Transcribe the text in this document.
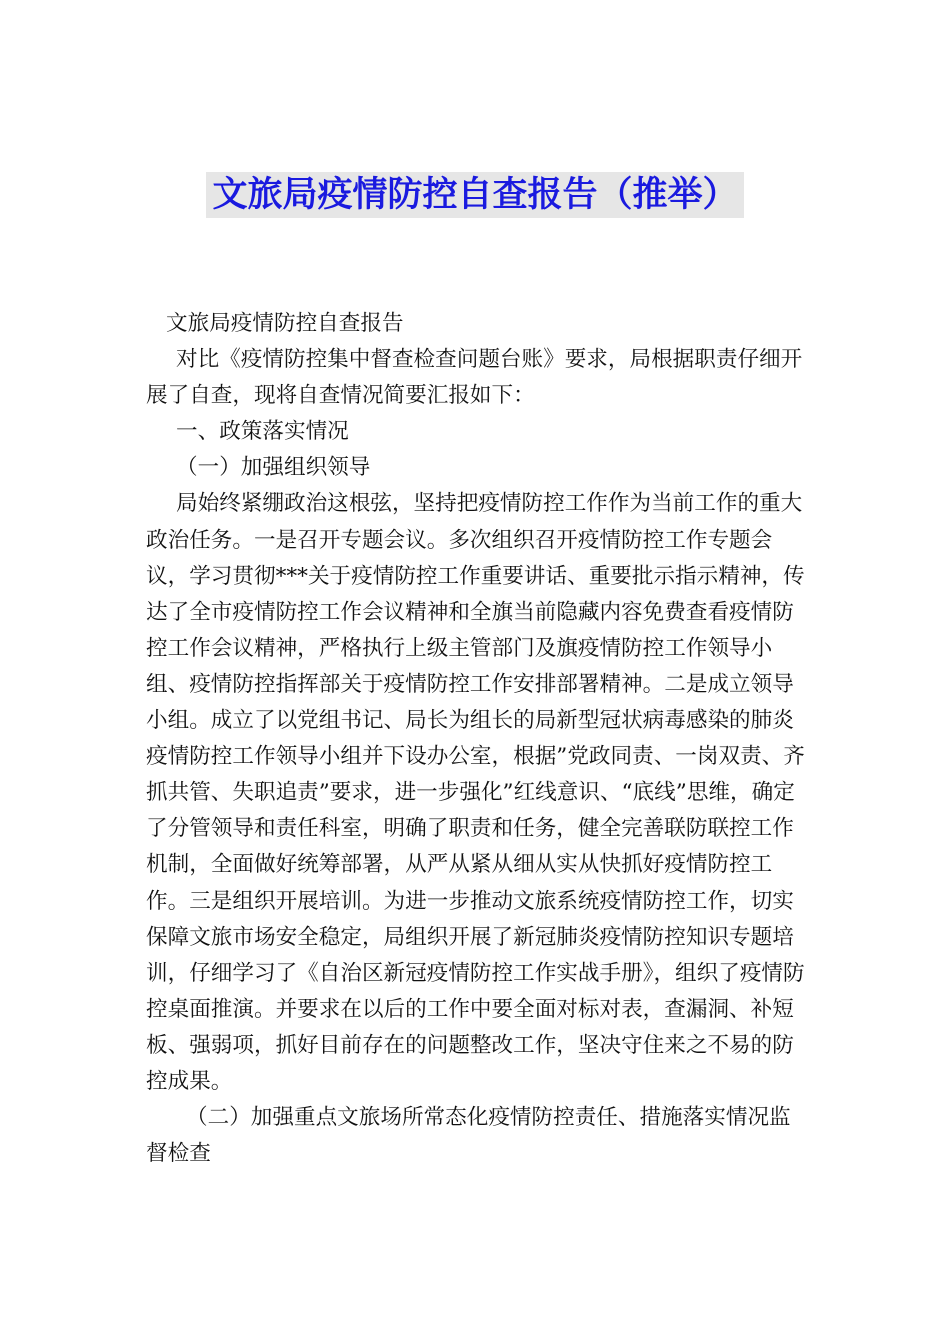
文旅局疫情防控自查报告（推举）

文旅局疫情防控自查报告

对比《疫情防控集中督查检查问题台账》要求，局根据职责仔细开展了自查，现将自查情况简要汇报如下：

一、政策落实情况

（一）加强组织领导

局始终紧绷政治这根弦，坚持把疫情防控工作作为当前工作的重大政治任务。一是召开专题会议。多次组织召开疫情防控工作专题会议，学习贯彻***关于疫情防控工作重要讲话、重要批示指示精神，传达了全市疫情防控工作会议精神和全旗当前隐藏内容免费查看疫情防控工作会议精神，严格执行上级主管部门及旗疫情防控工作领导小组、疫情防控指挥部关于疫情防控工作安排部署精神。二是成立领导小组。成立了以党组书记、局长为组长的局新型冠状病毒感染的肺炎疫情防控工作领导小组并下设办公室，根据”党政同责、一岗双责、齐抓共管、失职追责”要求，进一步强化”红线意识、“底线”思维，确定了分管领导和责任科室，明确了职责和任务，健全完善联防联控工作机制，全面做好统筹部署，从严从紧从细从实从快抓好疫情防控工作。三是组织开展培训。为进一步推动文旅系统疫情防控工作，切实保障文旅市场安全稳定，局组织开展了新冠肺炎疫情防控知识专题培训，仔细学习了《自治区新冠疫情防控工作实战手册》，组织了疫情防控桌面推演。并要求在以后的工作中要全面对标对表，查漏洞、补短板、强弱项，抓好目前存在的问题整改工作，坚决守住来之不易的防控成果。

（二）加强重点文旅场所常态化疫情防控责任、措施落实情况监督检查
